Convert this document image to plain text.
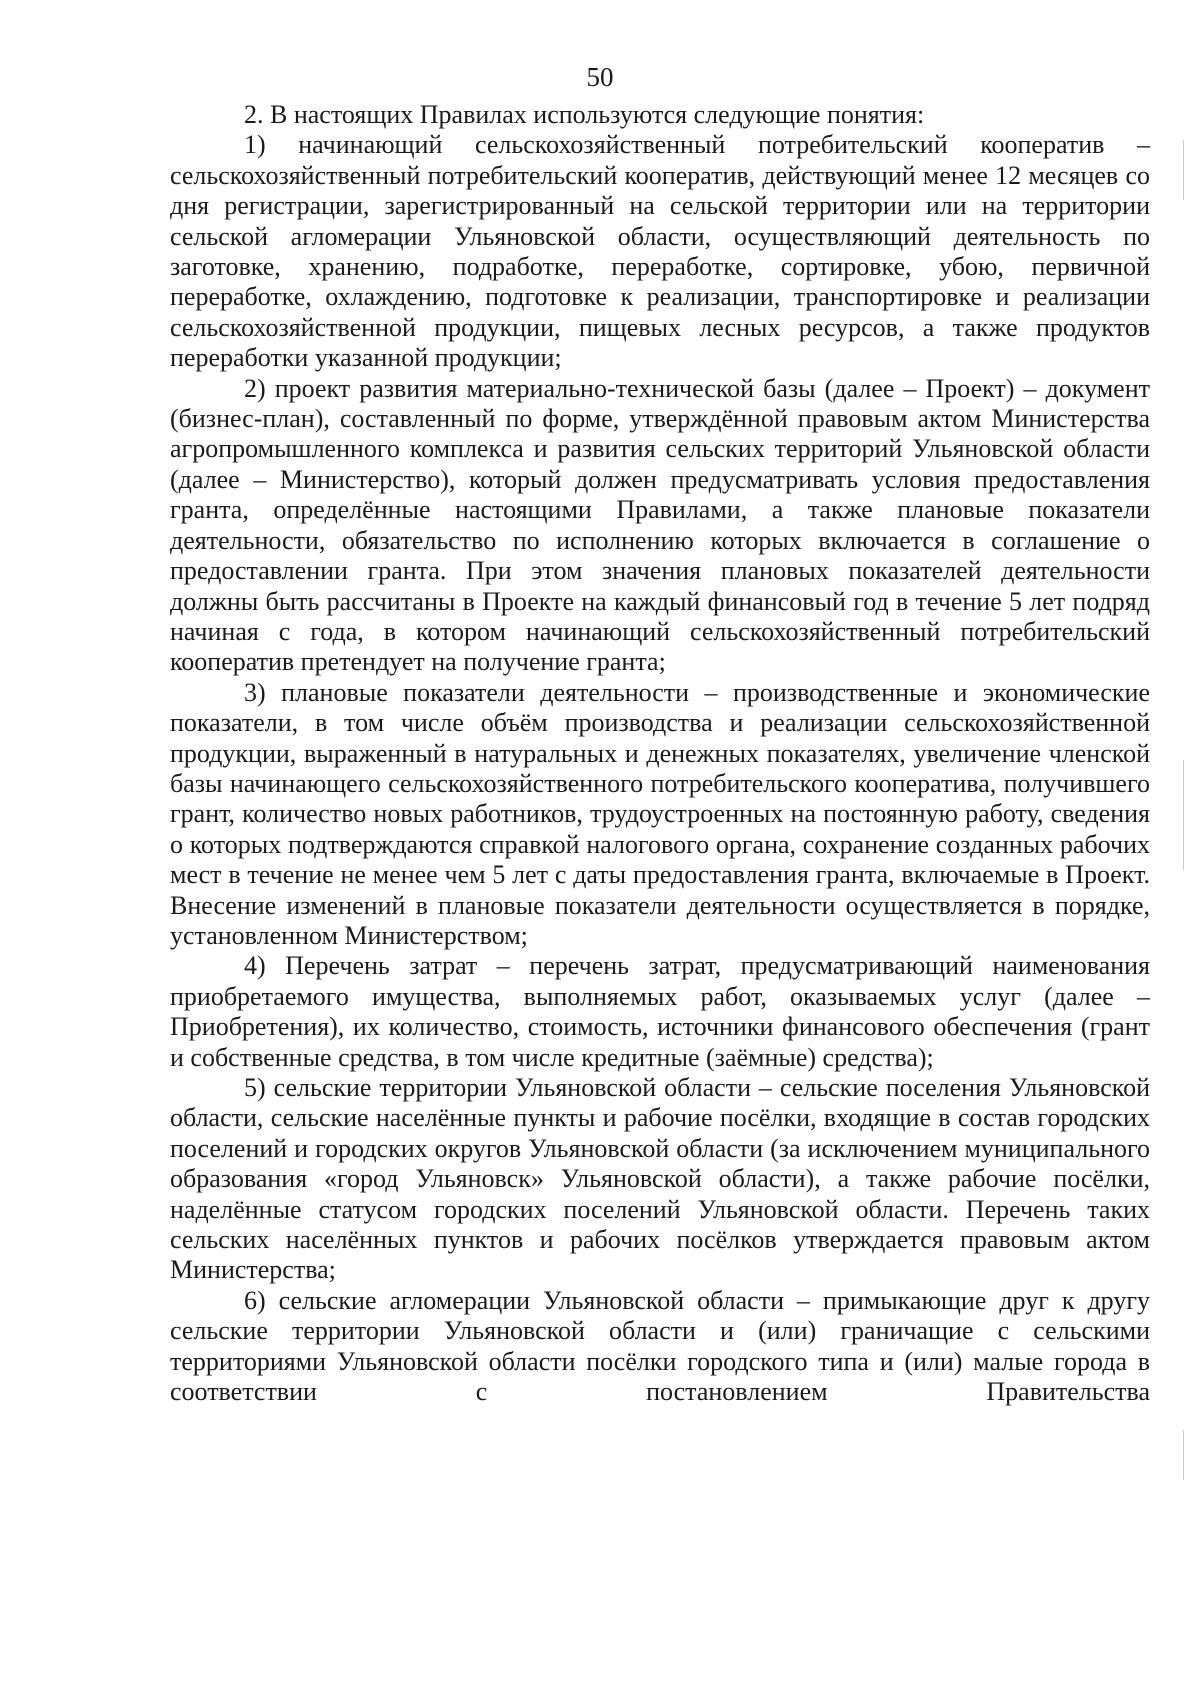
50

2. В настоящих Правилах используются следующие понятия:

1) начинающий сельскохозяйственный потребительский кооператив – сельскохозяйственный потребительский кооператив, действующий менее 12 месяцев со дня регистрации, зарегистрированный на сельской территории или на территории сельской агломерации Ульяновской области, осуществляющий деятельность по заготовке, хранению, подработке, переработке, сортировке, убою, первичной переработке, охлаждению, подготовке к реализации, транспортировке и реализации сельскохозяйственной продукции, пищевых лесных ресурсов, а также продуктов переработки указанной продукции;

2) проект развития материально-технической базы (далее – Проект) – документ (бизнес-план), составленный по форме, утверждённой правовым актом Министерства агропромышленного комплекса и развития сельских территорий Ульяновской области (далее – Министерство), который должен предусматривать условия предоставления гранта, определённые настоящими Правилами, а также плановые показатели деятельности, обязательство по исполнению которых включается в соглашение о предоставлении гранта. При этом значения плановых показателей деятельности должны быть рассчитаны в Проекте на каждый финансовый год в течение 5 лет подряд начиная с года, в котором начинающий сельскохозяйственный потребительский кооператив претендует на получение гранта;

3) плановые показатели деятельности – производственные и экономические показатели, в том числе объём производства и реализации сельскохозяйственной продукции, выраженный в натуральных и денежных показателях, увеличение членской базы начинающего сельскохозяйственного потребительского кооператива, получившего грант, количество новых работников, трудоустроенных на постоянную работу, сведения о которых подтверждаются справкой налогового органа, сохранение созданных рабочих мест в течение не менее чем 5 лет с даты предоставления гранта, включаемые в Проект. Внесение изменений в плановые показатели деятельности осуществляется в порядке, установленном Министерством;

4) Перечень затрат – перечень затрат, предусматривающий наименования приобретаемого имущества, выполняемых работ, оказываемых услуг (далее – Приобретения), их количество, стоимость, источники финансового обеспечения (грант и собственные средства, в том числе кредитные (заёмные) средства);

5) сельские территории Ульяновской области – сельские поселения Ульяновской области, сельские населённые пункты и рабочие посёлки, входящие в состав городских поселений и городских округов Ульяновской области (за исключением муниципального образования «город Ульяновск» Ульяновской области), а также рабочие посёлки, наделённые статусом городских поселений Ульяновской области. Перечень таких сельских населённых пунктов и рабочих посёлков утверждается правовым актом Министерства;

6) сельские агломерации Ульяновской области – примыкающие друг к другу сельские территории Ульяновской области и (или) граничащие с сельскими территориями Ульяновской области посёлки городского типа и (или) малые города в соответствии с постановлением Правительства
